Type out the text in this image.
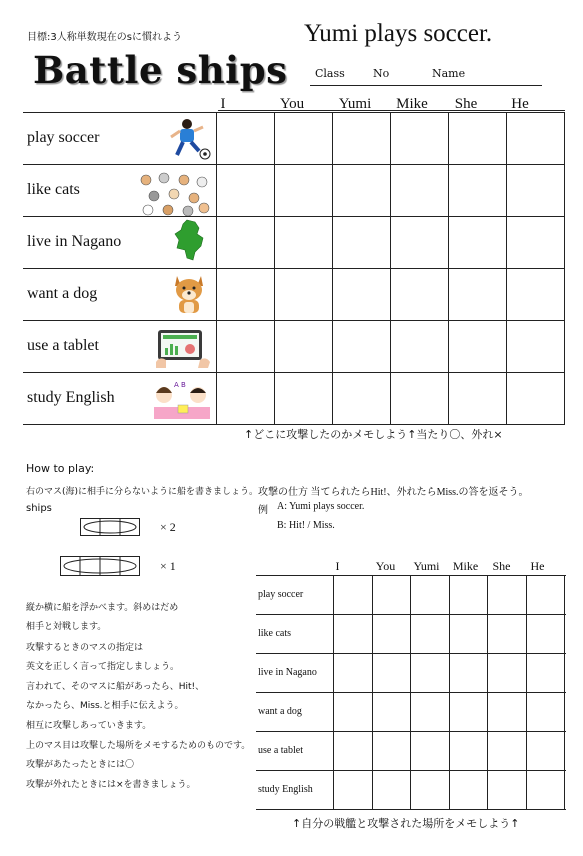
目標:3人称単数現在のsに慣れよう
Battle ships
Yumi plays soccer.
Class	No	Name
I	You	Yumi	Mike	She	He
play soccer
like cats
live in Nagano
want a dog
use a tablet
study English
A B

↑どこに攻撃したのかメモしよう↑当たり〇、外れ×
How to play:
右のマス(海)に相手に分らないように船を書きましょう。
ships
× 2
× 1
縦か横に船を浮かべます。斜めはだめ
相手と対戦します。
攻撃するときのマスの指定は
英文を正しく言って指定しましょう。
言われて、そのマスに船があったら、Hit!、
なかったら、Miss.と相手に伝えよう。
相互に攻撃しあっていきます。
上のマス目は攻撃した場所をメモするためのものです。
攻撃があたったときには〇
攻撃が外れたときには×を書きましょう。
攻撃の仕方 当てられたらHit!、外れたらMiss.の答を返そう。
例 A: Yumi plays soccer.
B: Hit! / Miss.
I	You	Yumi	Mike	She	He
play soccer
like cats
live in Nagano
want a dog
use a tablet
study English

↑自分の戦艦と攻撃された場所をメモしよう↑
